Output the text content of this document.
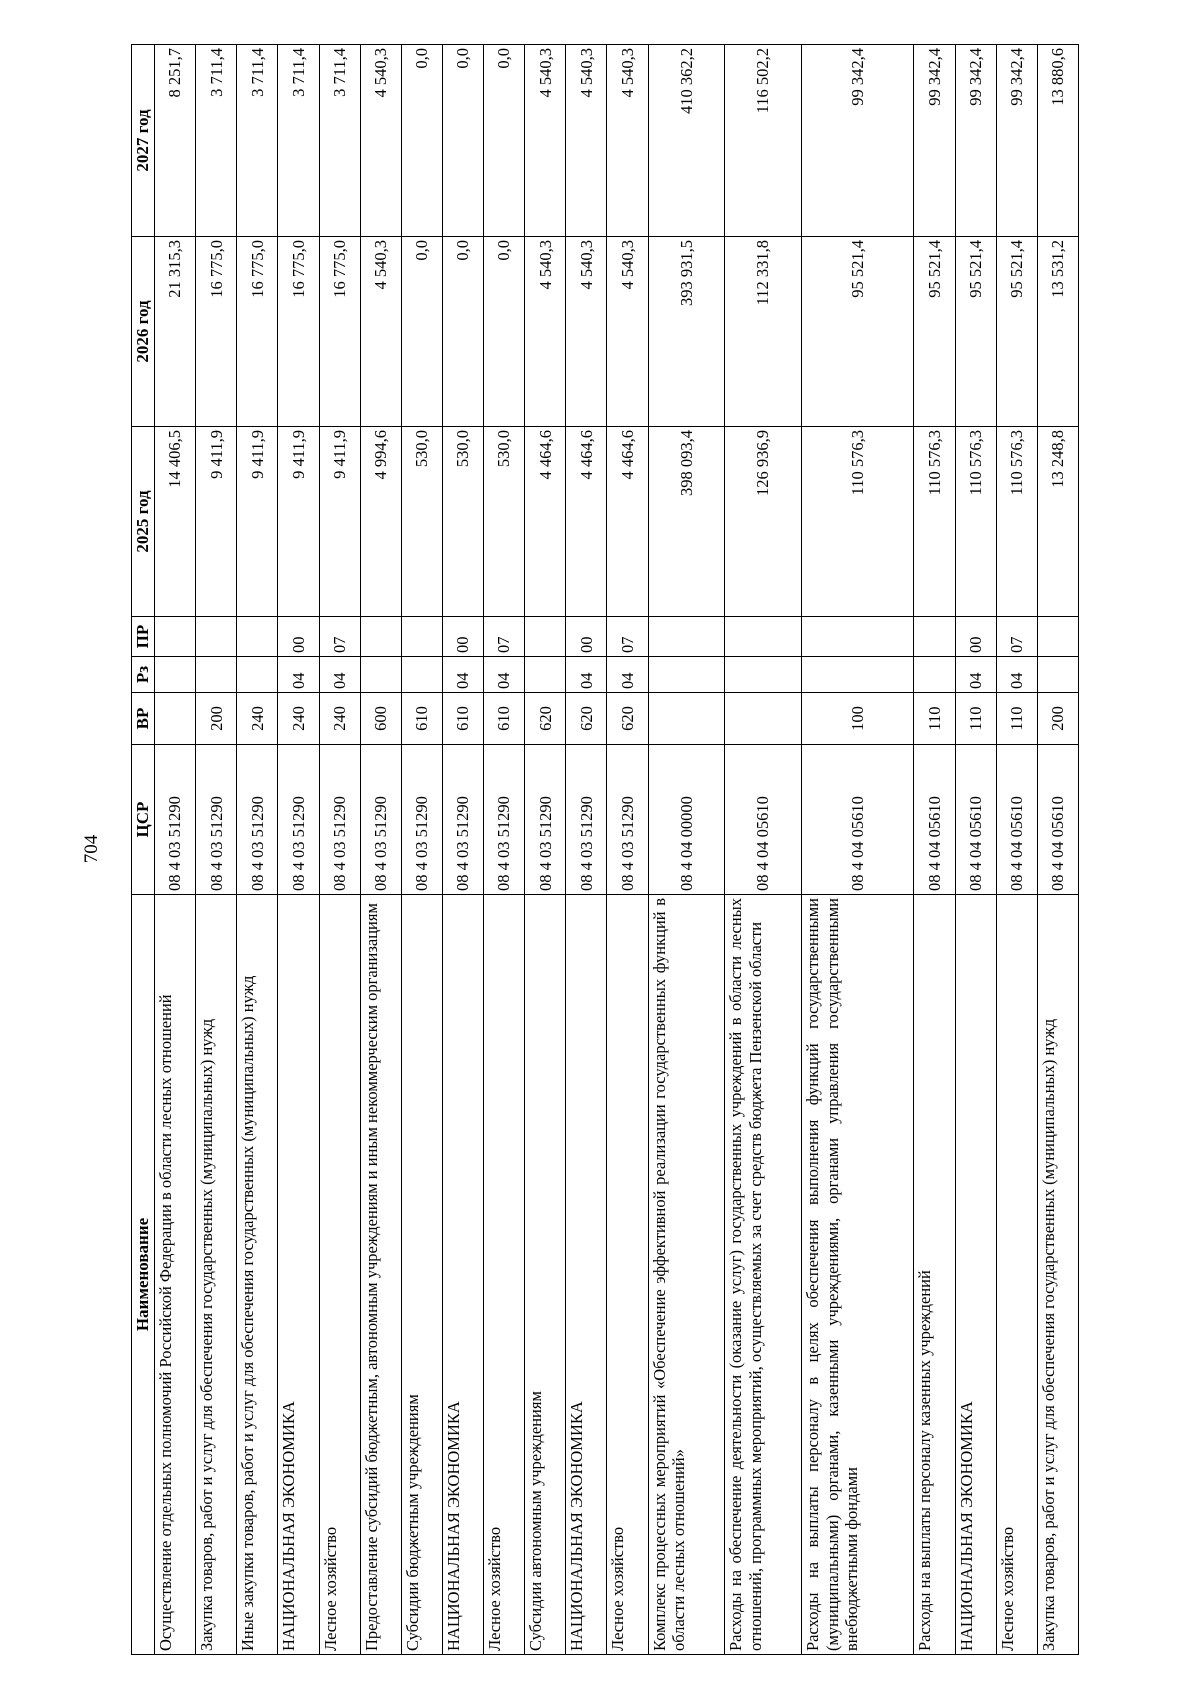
704
Наименование	ЦСР	ВР	Рз	ПР	2025 год	2026 год	2027 год
Осуществление отдельных полномочий Российской Федерации в области лесных отношений	08 4 03 51290				14 406,5	21 315,3	8 251,7
Закупка товаров, работ и услуг для обеспечения государственных (муниципальных) нужд	08 4 03 51290	200			9 411,9	16 775,0	3 711,4
Иные закупки товаров, работ и услуг для обеспечения государственных (муниципальных) нужд	08 4 03 51290	240			9 411,9	16 775,0	3 711,4
НАЦИОНАЛЬНАЯ ЭКОНОМИКА	08 4 03 51290	240	04	00	9 411,9	16 775,0	3 711,4
Лесное хозяйство	08 4 03 51290	240	04	07	9 411,9	16 775,0	3 711,4
Предоставление субсидий бюджетным, автономным учреждениям и иным некоммерческим организациям	08 4 03 51290	600			4 994,6	4 540,3	4 540,3
Субсидии бюджетным учреждениям	08 4 03 51290	610			530,0	0,0	0,0
НАЦИОНАЛЬНАЯ ЭКОНОМИКА	08 4 03 51290	610	04	00	530,0	0,0	0,0
Лесное хозяйство	08 4 03 51290	610	04	07	530,0	0,0	0,0
Субсидии автономным учреждениям	08 4 03 51290	620			4 464,6	4 540,3	4 540,3
НАЦИОНАЛЬНАЯ ЭКОНОМИКА	08 4 03 51290	620	04	00	4 464,6	4 540,3	4 540,3
Лесное хозяйство	08 4 03 51290	620	04	07	4 464,6	4 540,3	4 540,3
Комплекс процессных мероприятий «Обеспечение эффективной реализации государственных функций в области лесных отношений»	08 4 04 00000				398 093,4	393 931,5	410 362,2
Расходы на обеспечение деятельности (оказание услуг) государственных учреждений в области лесных отношений, программных мероприятий, осуществляемых за счет средств бюджета Пензенской области	08 4 04 05610				126 936,9	112 331,8	116 502,2
Расходы на выплаты персоналу в целях обеспечения выполнения функций государственными (муниципальными) органами, казенными учреждениями, органами управления государственными внебюджетными фондами	08 4 04 05610	100			110 576,3	95 521,4	99 342,4
Расходы на выплаты персоналу казенных учреждений	08 4 04 05610	110			110 576,3	95 521,4	99 342,4
НАЦИОНАЛЬНАЯ ЭКОНОМИКА	08 4 04 05610	110	04	00	110 576,3	95 521,4	99 342,4
Лесное хозяйство	08 4 04 05610	110	04	07	110 576,3	95 521,4	99 342,4
Закупка товаров, работ и услуг для обеспечения государственных (муниципальных) нужд	08 4 04 05610	200			13 248,8	13 531,2	13 880,6
